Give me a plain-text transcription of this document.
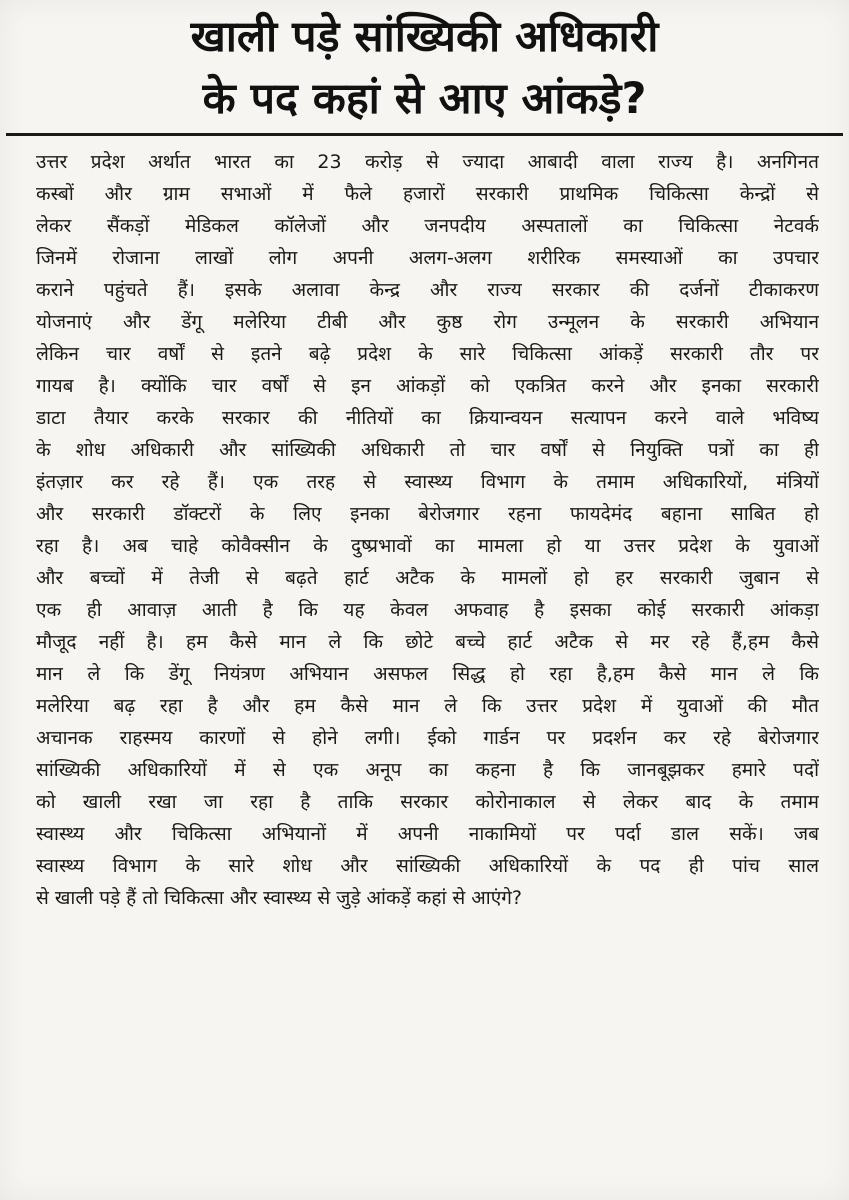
खाली पड़े सांख्यिकी अधिकारी
के पद कहां से आए आंकड़े?
उत्तर प्रदेश अर्थात भारत का 23 करोड़ से ज्यादा आबादी वाला राज्य है। अनगिनत
कस्बों और ग्राम सभाओं में फैले हजारों सरकारी प्राथमिक चिकित्सा केन्द्रों से
लेकर सैंकड़ों मेडिकल कॉलेजों और जनपदीय अस्पतालों का चिकित्सा नेटवर्क
जिनमें रोजाना लाखों लोग अपनी अलग-अलग शरीरिक समस्याओं का उपचार
कराने पहुंचते हैं। इसके अलावा केन्द्र और राज्य सरकार की दर्जनों टीकाकरण
योजनाएं और डेंगू मलेरिया टीबी और कुष्ठ रोग उन्मूलन के सरकारी अभियान
लेकिन चार वर्षों से इतने बढ़े प्रदेश के सारे चिकित्सा आंकड़ें सरकारी तौर पर
गायब है। क्योंकि चार वर्षों से इन आंकड़ों को एकत्रित करने और इनका सरकारी
डाटा तैयार करके सरकार की नीतियों का क्रियान्वयन सत्यापन करने वाले भविष्य
के शोध अधिकारी और सांख्यिकी अधिकारी तो चार वर्षों से नियुक्ति पत्रों का ही
इंतज़ार कर रहे हैं। एक तरह से स्वास्थ्य विभाग के तमाम अधिकारियों, मंत्रियों
और सरकारी डॉक्टरों के लिए इनका बेरोजगार रहना फायदेमंद बहाना साबित हो
रहा है। अब चाहे कोवैक्सीन के दुष्प्रभावों का मामला हो या उत्तर प्रदेश के युवाओं
और बच्चों में तेजी से बढ़ते हार्ट अटैक के मामलों हो हर सरकारी जुबान से
एक ही आवाज़ आती है कि यह केवल अफवाह है इसका कोई सरकारी आंकड़ा
मौजूद नहीं है। हम कैसे मान ले कि छोटे बच्चे हार्ट अटैक से मर रहे हैं,हम कैसे
मान ले कि डेंगू नियंत्रण अभियान असफल सिद्ध हो रहा है,हम कैसे मान ले कि
मलेरिया बढ़ रहा है और हम कैसे मान ले कि उत्तर प्रदेश में युवाओं की मौत
अचानक राहस्मय कारणों से होने लगी। ईको गार्डन पर प्रदर्शन कर रहे बेरोजगार
सांख्यिकी अधिकारियों में से एक अनूप का कहना है कि जानबूझकर हमारे पदों
को खाली रखा जा रहा है ताकि सरकार कोरोनाकाल से लेकर बाद के तमाम
स्वास्थ्य और चिकित्सा अभियानों में अपनी नाकामियों पर पर्दा डाल सकें। जब
स्वास्थ्य विभाग के सारे शोध और सांख्यिकी अधिकारियों के पद ही पांच साल
से खाली पड़े हैं तो चिकित्सा और स्वास्थ्य से जुड़े आंकड़ें कहां से आएंगे?
